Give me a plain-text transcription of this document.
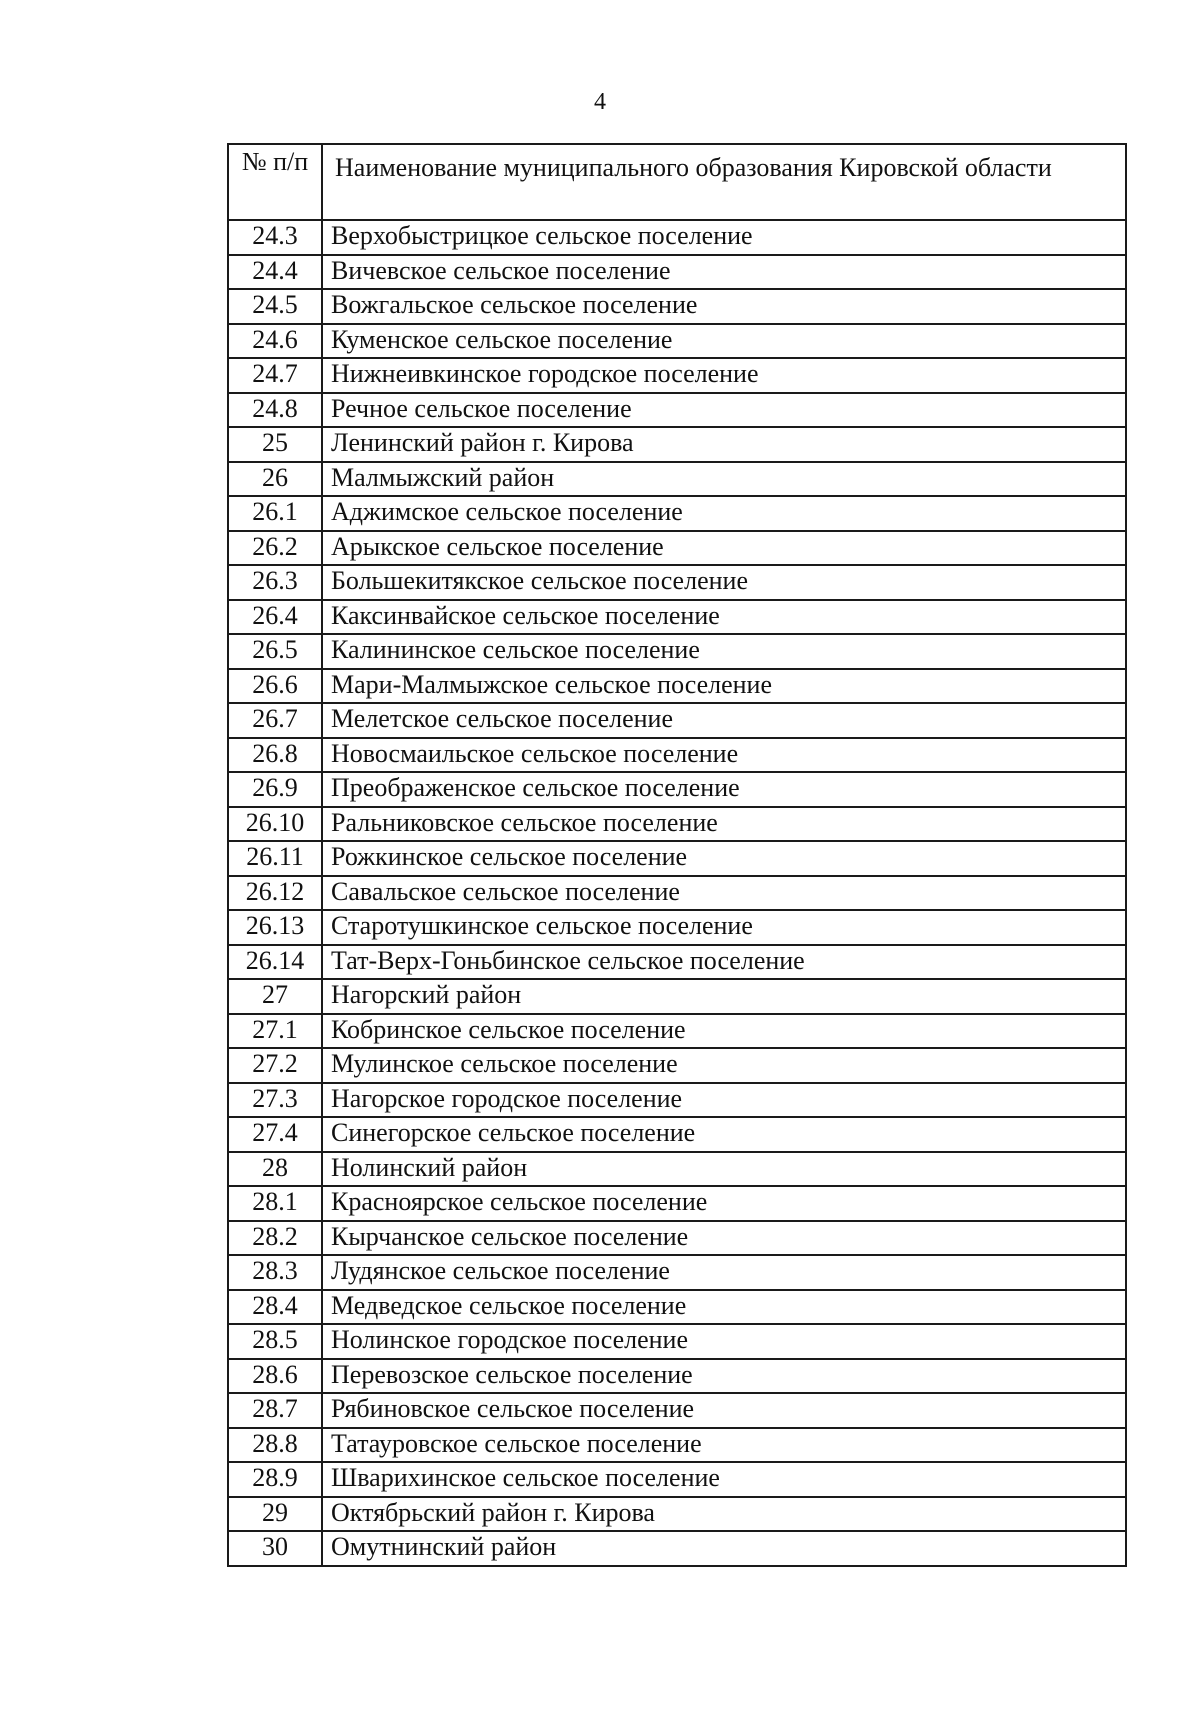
4
№ п/п	Наименование муниципального образования Кировской области
24.3	Верхобыстрицкое сельское поселение
24.4	Вичевское сельское поселение
24.5	Вожгальское сельское поселение
24.6	Куменское сельское поселение
24.7	Нижнеивкинское городское поселение
24.8	Речное сельское поселение
25	Ленинский район г. Кирова
26	Малмыжский район
26.1	Аджимское сельское поселение
26.2	Арыкское сельское поселение
26.3	Большекитякское сельское поселение
26.4	Каксинвайское сельское поселение
26.5	Калининское сельское поселение
26.6	Мари-Малмыжское сельское поселение
26.7	Мелетское сельское поселение
26.8	Новосмаильское сельское поселение
26.9	Преображенское сельское поселение
26.10	Ральниковское сельское поселение
26.11	Рожкинское сельское поселение
26.12	Савальское сельское поселение
26.13	Старотушкинское сельское поселение
26.14	Тат-Верх-Гоньбинское сельское поселение
27	Нагорский район
27.1	Кобринское сельское поселение
27.2	Мулинское сельское поселение
27.3	Нагорское городское поселение
27.4	Синегорское сельское поселение
28	Нолинский район
28.1	Красноярское сельское поселение
28.2	Кырчанское сельское поселение
28.3	Лудянское сельское поселение
28.4	Медведское сельское поселение
28.5	Нолинское городское поселение
28.6	Перевозское сельское поселение
28.7	Рябиновское сельское поселение
28.8	Татауровское сельское поселение
28.9	Шварихинское сельское поселение
29	Октябрьский район г. Кирова
30	Омутнинский район
